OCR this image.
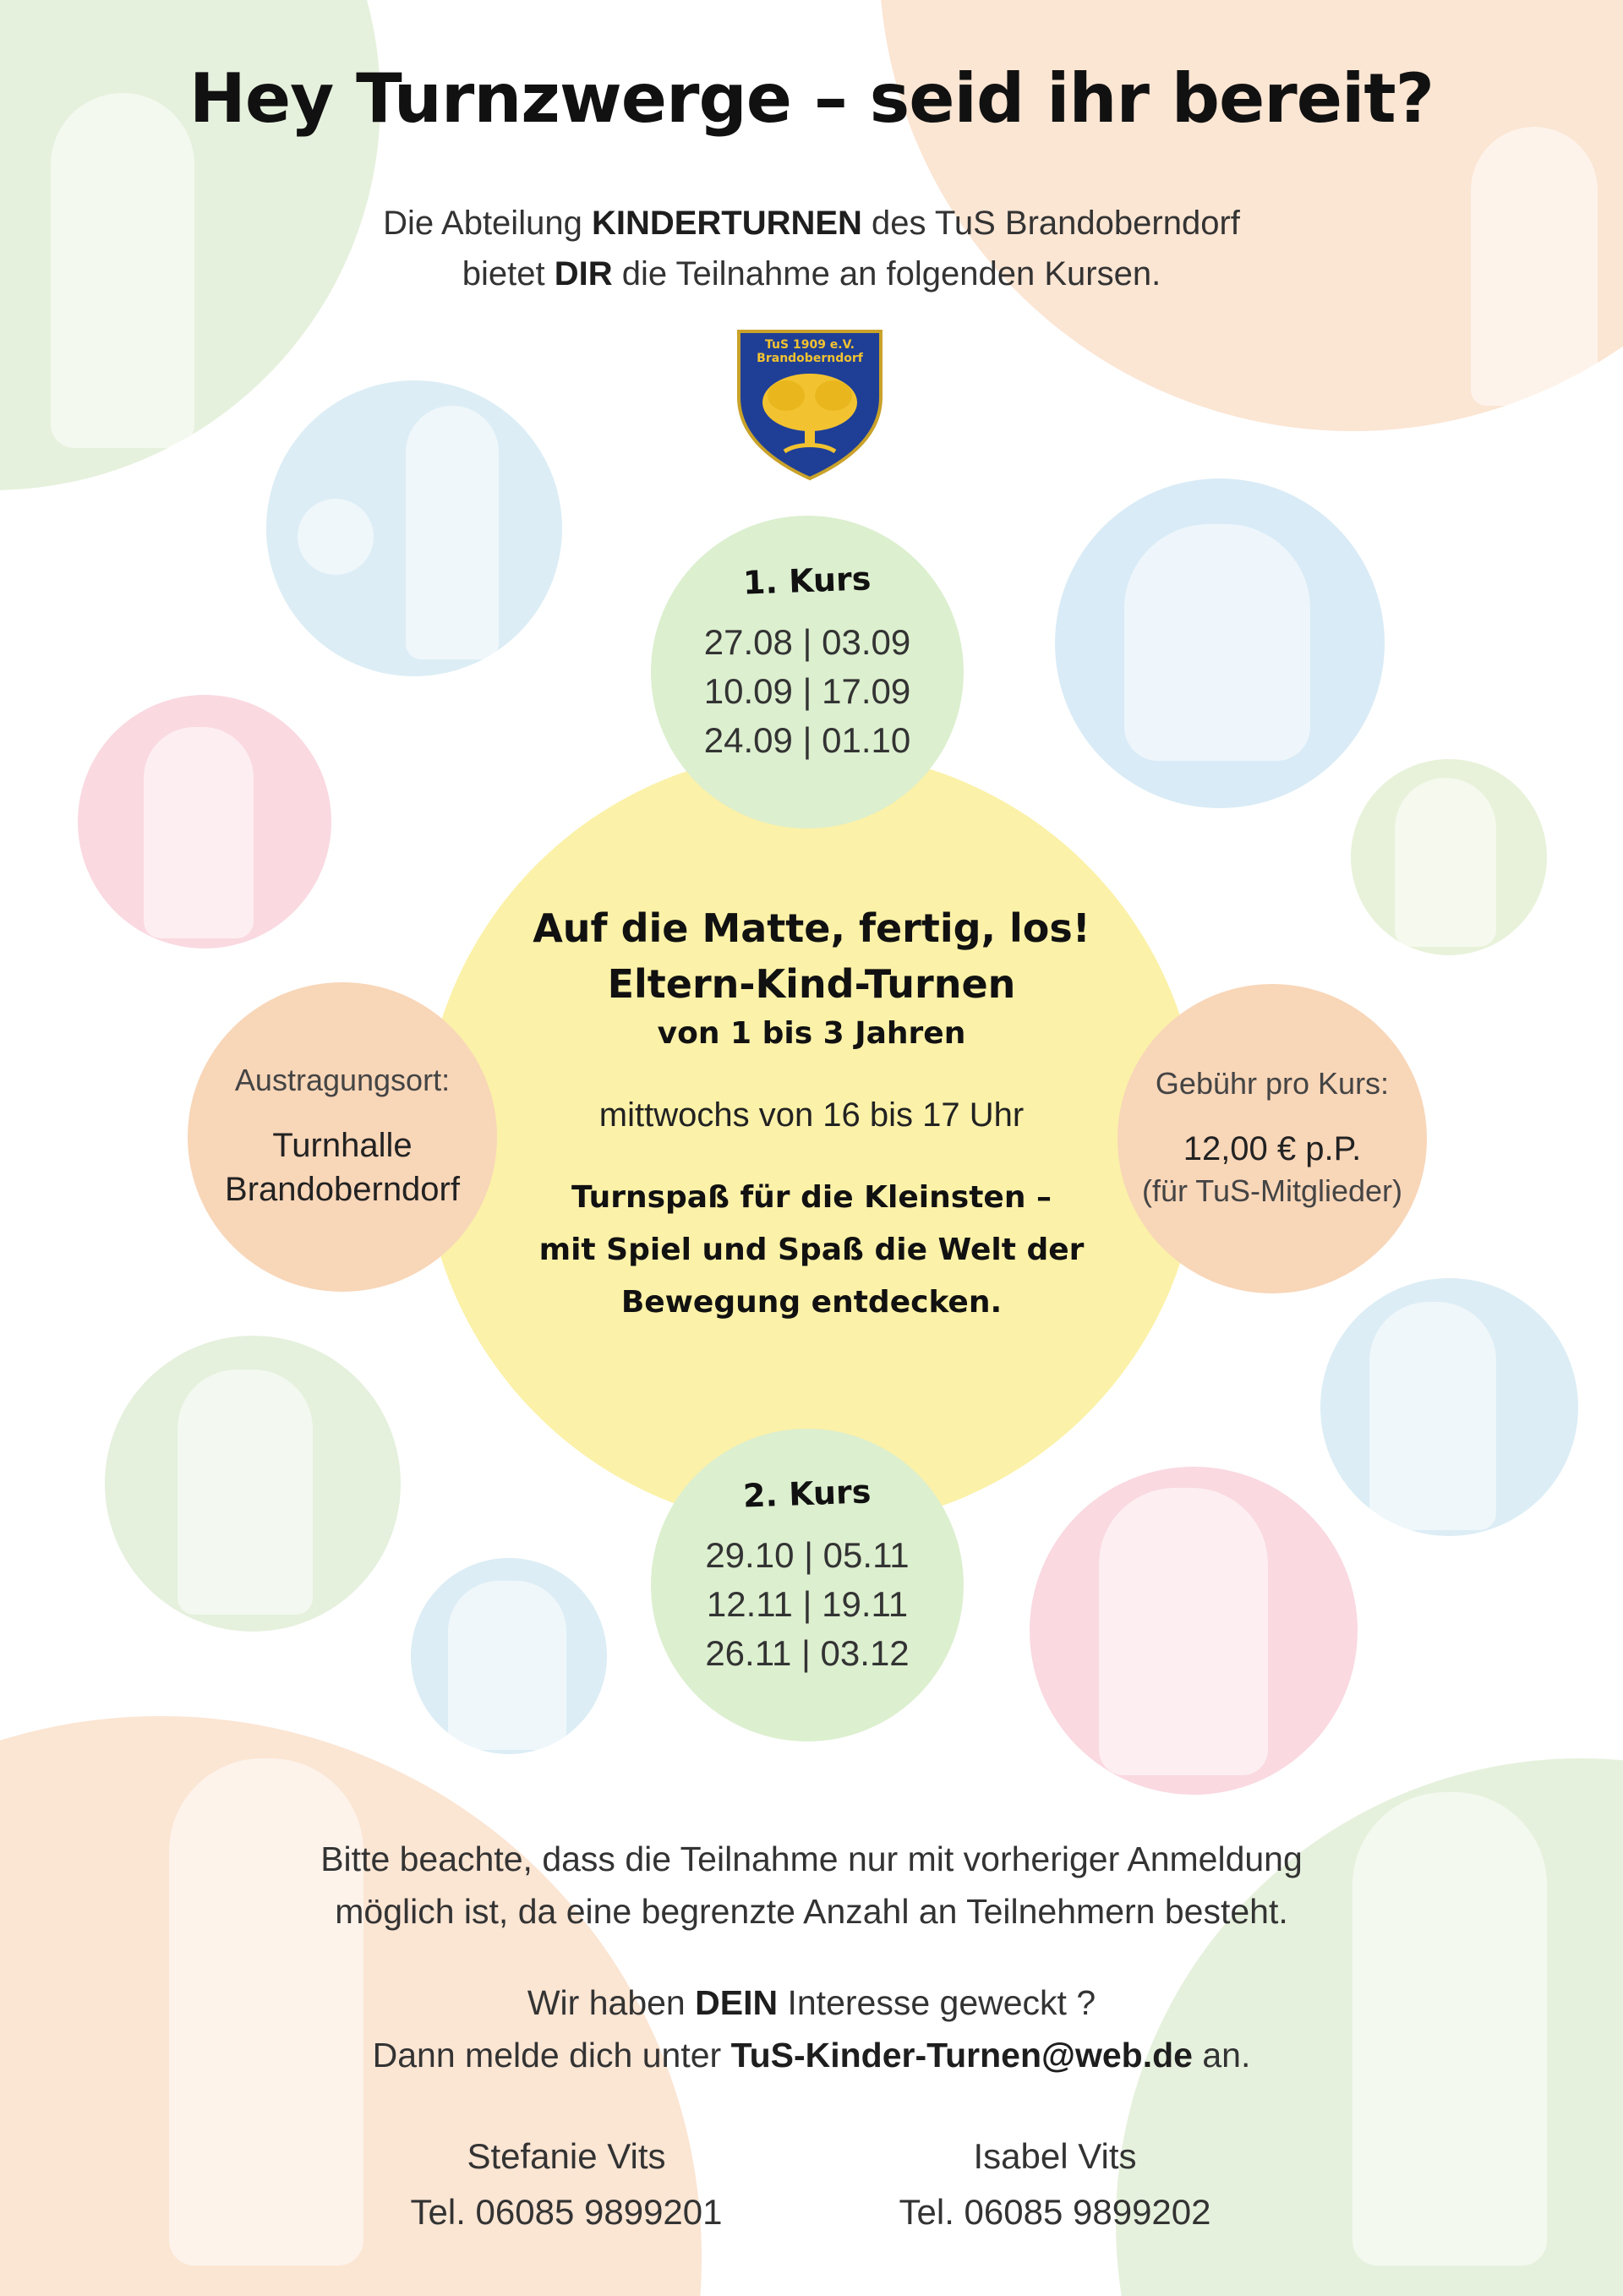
Hey Turnzwerge – seid ihr bereit?
Die Abteilung KINDERTURNEN des TuS Brandoberndorf
bietet DIR die Teilnahme an folgenden Kursen.
TuS 1909 e.V.
Brandoberndorf
Auf die Matte, fertig, los!
Eltern-Kind-Turnen
von 1 bis 3 Jahren
mittwochs von 16 bis 17 Uhr
Turnspaß für die Kleinsten –
mit Spiel und Spaß die Welt der
Bewegung entdecken.
1. Kurs
27.08 | 03.09
10.09 | 17.09
24.09 | 01.10
2. Kurs
29.10 | 05.11
12.11 | 19.11
26.11 | 03.12
Austragungsort:
Turnhalle
Brandoberndorf
Gebühr pro Kurs:
12,00 € p.P.
(für TuS-Mitglieder)
Bitte beachte, dass die Teilnahme nur mit vorheriger Anmeldung
möglich ist, da eine begrenzte Anzahl an Teilnehmern besteht.
Wir haben DEIN Interesse geweckt ?
Dann melde dich unter TuS-Kinder-Turnen@web.de an.
Stefanie Vits
Tel. 06085 9899201
Isabel Vits
Tel. 06085 9899202
